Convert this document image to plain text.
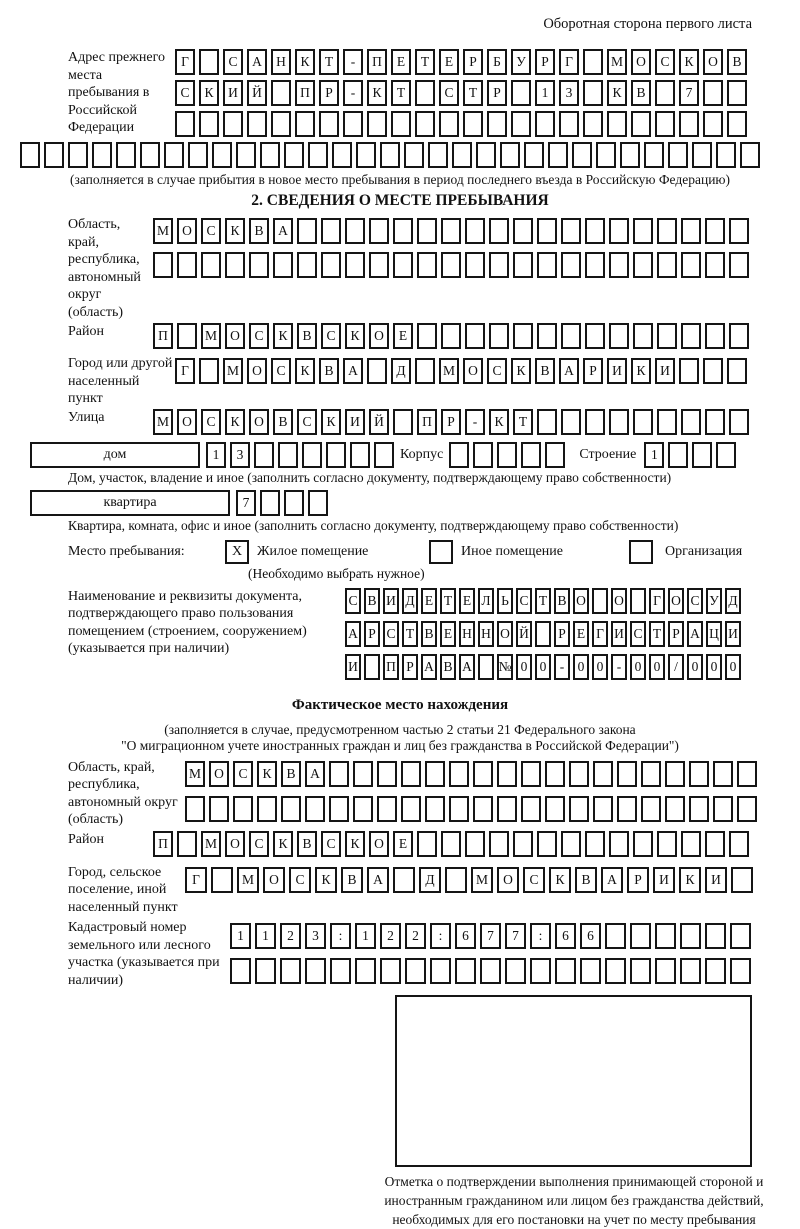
Оборотная сторона первого листа
Адрес прежнего места пребывания в Российской Федерации
Г	С	А	Н	К	Т	-	П	Е	Т	Е	Р	Б	У	Р	Г	М О	С	К	О	В
С	К	И	Й	П	Р	-	К	Т	С	Т	Р	1	3	К	В	7
(заполняется в случае прибытия в новое место пребывания в период последнего въезда в Российскую Федерацию)
2. СВЕДЕНИЯ О МЕСТЕ ПРЕБЫВАНИЯ
Область, край, республика, автономный округ (область)
М О	С	К	В	А
Район	П	М О	С	К	В	С	К	О	Е
Город или другой населенный пункт
Г	М О	С	К	В	А	Д	М О	С	К	В	А	Р	И	К	И
Улица	М О	С	К	О	В	С	К	И	Й	П	Р	-	К	Т
дом	1	3	Корпус	Строение	1
Дом, участок, владение и иное (заполнить согласно документу, подтверждающему право собственности)
квартира	7
Квартира, комната, офис и иное (заполнить согласно документу, подтверждающему право собственности)
Место пребывания:	X	Жилое помещение	Иное помещение	Организация
(Необходимо выбрать нужное)
Наименование и реквизиты документа, подтверждающего право пользования помещением (строением, сооружением) (указывается при наличии)
С В И Д Е Т Е Л Ь С Т В О О	Г О С У Д
А Р С Т В Е Н Н О Й	Р Е Г И С Т Р А Ц И
И П Р А В А № 0 0 - 0 0 - 0 0	/	0 0 0
Фактическое место нахождения
(заполняется в случае, предусмотренном частью 2 статьи 21 Федерального закона
"О миграционном учете иностранных граждан и лиц без гражданства в Российской Федерации")
Область, край, республика, автономный округ (область)
М О	С	К	В	А
Район	П	М О	С	К	В	С	К	О	Е
Город, сельское поселение, иной населенный пункт
Г	М	О	С	К	В	А	Д	М	О	С	К	В	А	Р	И	К	И
Кадастровый номер земельного или лесного участка (указывается при наличии)
1	1	2	3	:	1	2	2	:	6	7	7	:	6	6
Отметка о подтверждении выполнения принимающей стороной и иностранным гражданином или лицом без гражданства действий, необходимых для его постановки на учет по месту пребывания
